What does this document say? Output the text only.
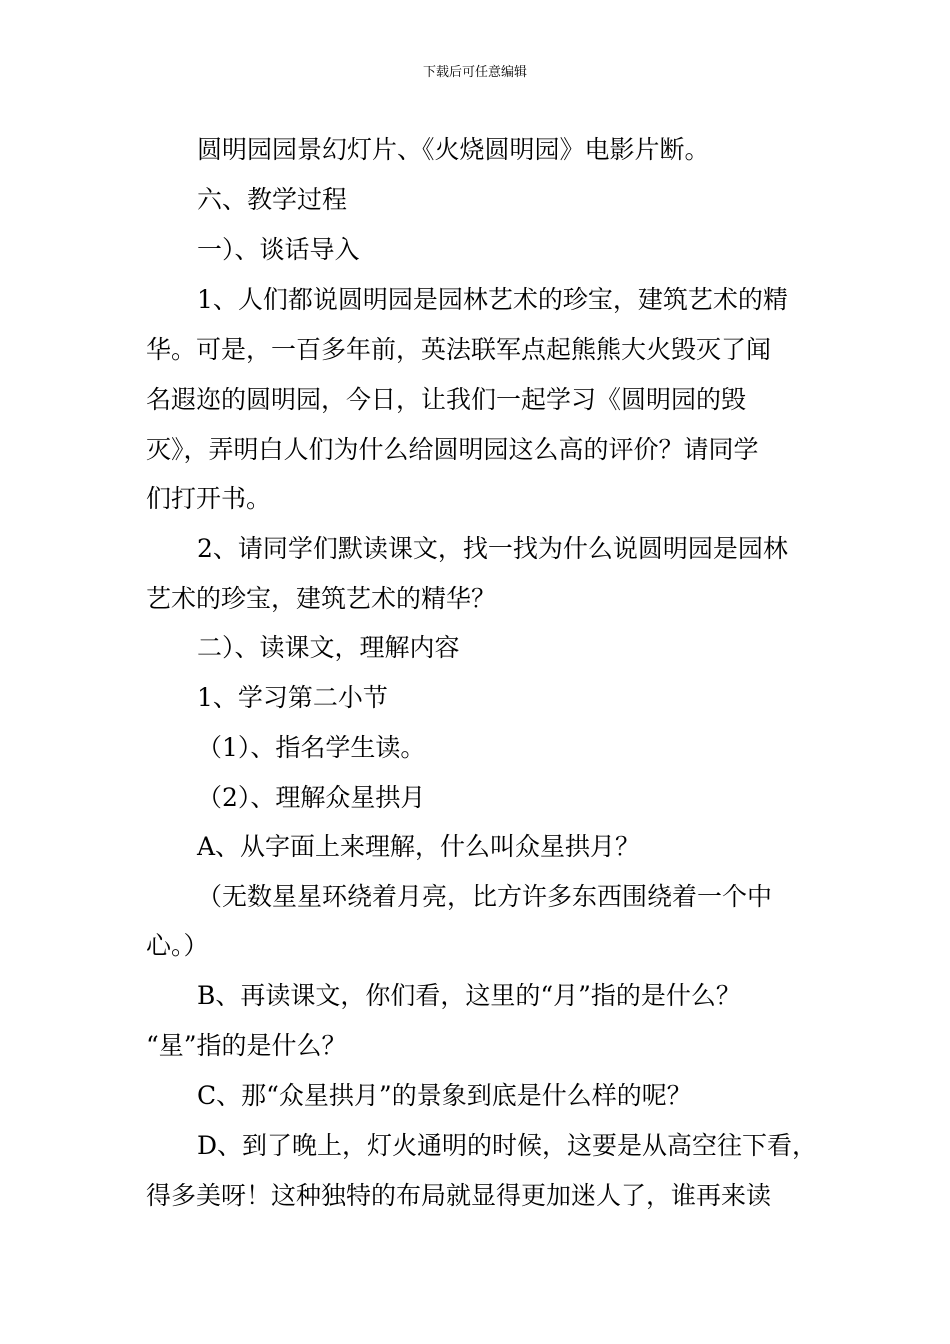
下载后可任意编辑
圆明园园景幻灯片、《火烧圆明园》电影片断。
六、教学过程
一）、谈话导入
1、人们都说圆明园是园林艺术的珍宝，建筑艺术的精
华。可是，一百多年前，英法联军点起熊熊大火毁灭了闻
名遐迩的圆明园，今日，让我们一起学习《圆明园的毁
灭》，弄明白人们为什么给圆明园这么高的评价？请同学
们打开书。
2、请同学们默读课文，找一找为什么说圆明园是园林
艺术的珍宝，建筑艺术的精华？
二）、读课文，理解内容
1、学习第二小节
（1）、指名学生读。
（2）、理解众星拱月
A、从字面上来理解，什么叫众星拱月？
（无数星星环绕着月亮，比方许多东西围绕着一个中
心。）
B、再读课文，你们看，这里的“月”指的是什么？
“星”指的是什么？
C、那“众星拱月”的景象到底是什么样的呢？
D、到了晚上，灯火通明的时候，这要是从高空往下看，
得多美呀！这种独特的布局就显得更加迷人了，谁再来读
